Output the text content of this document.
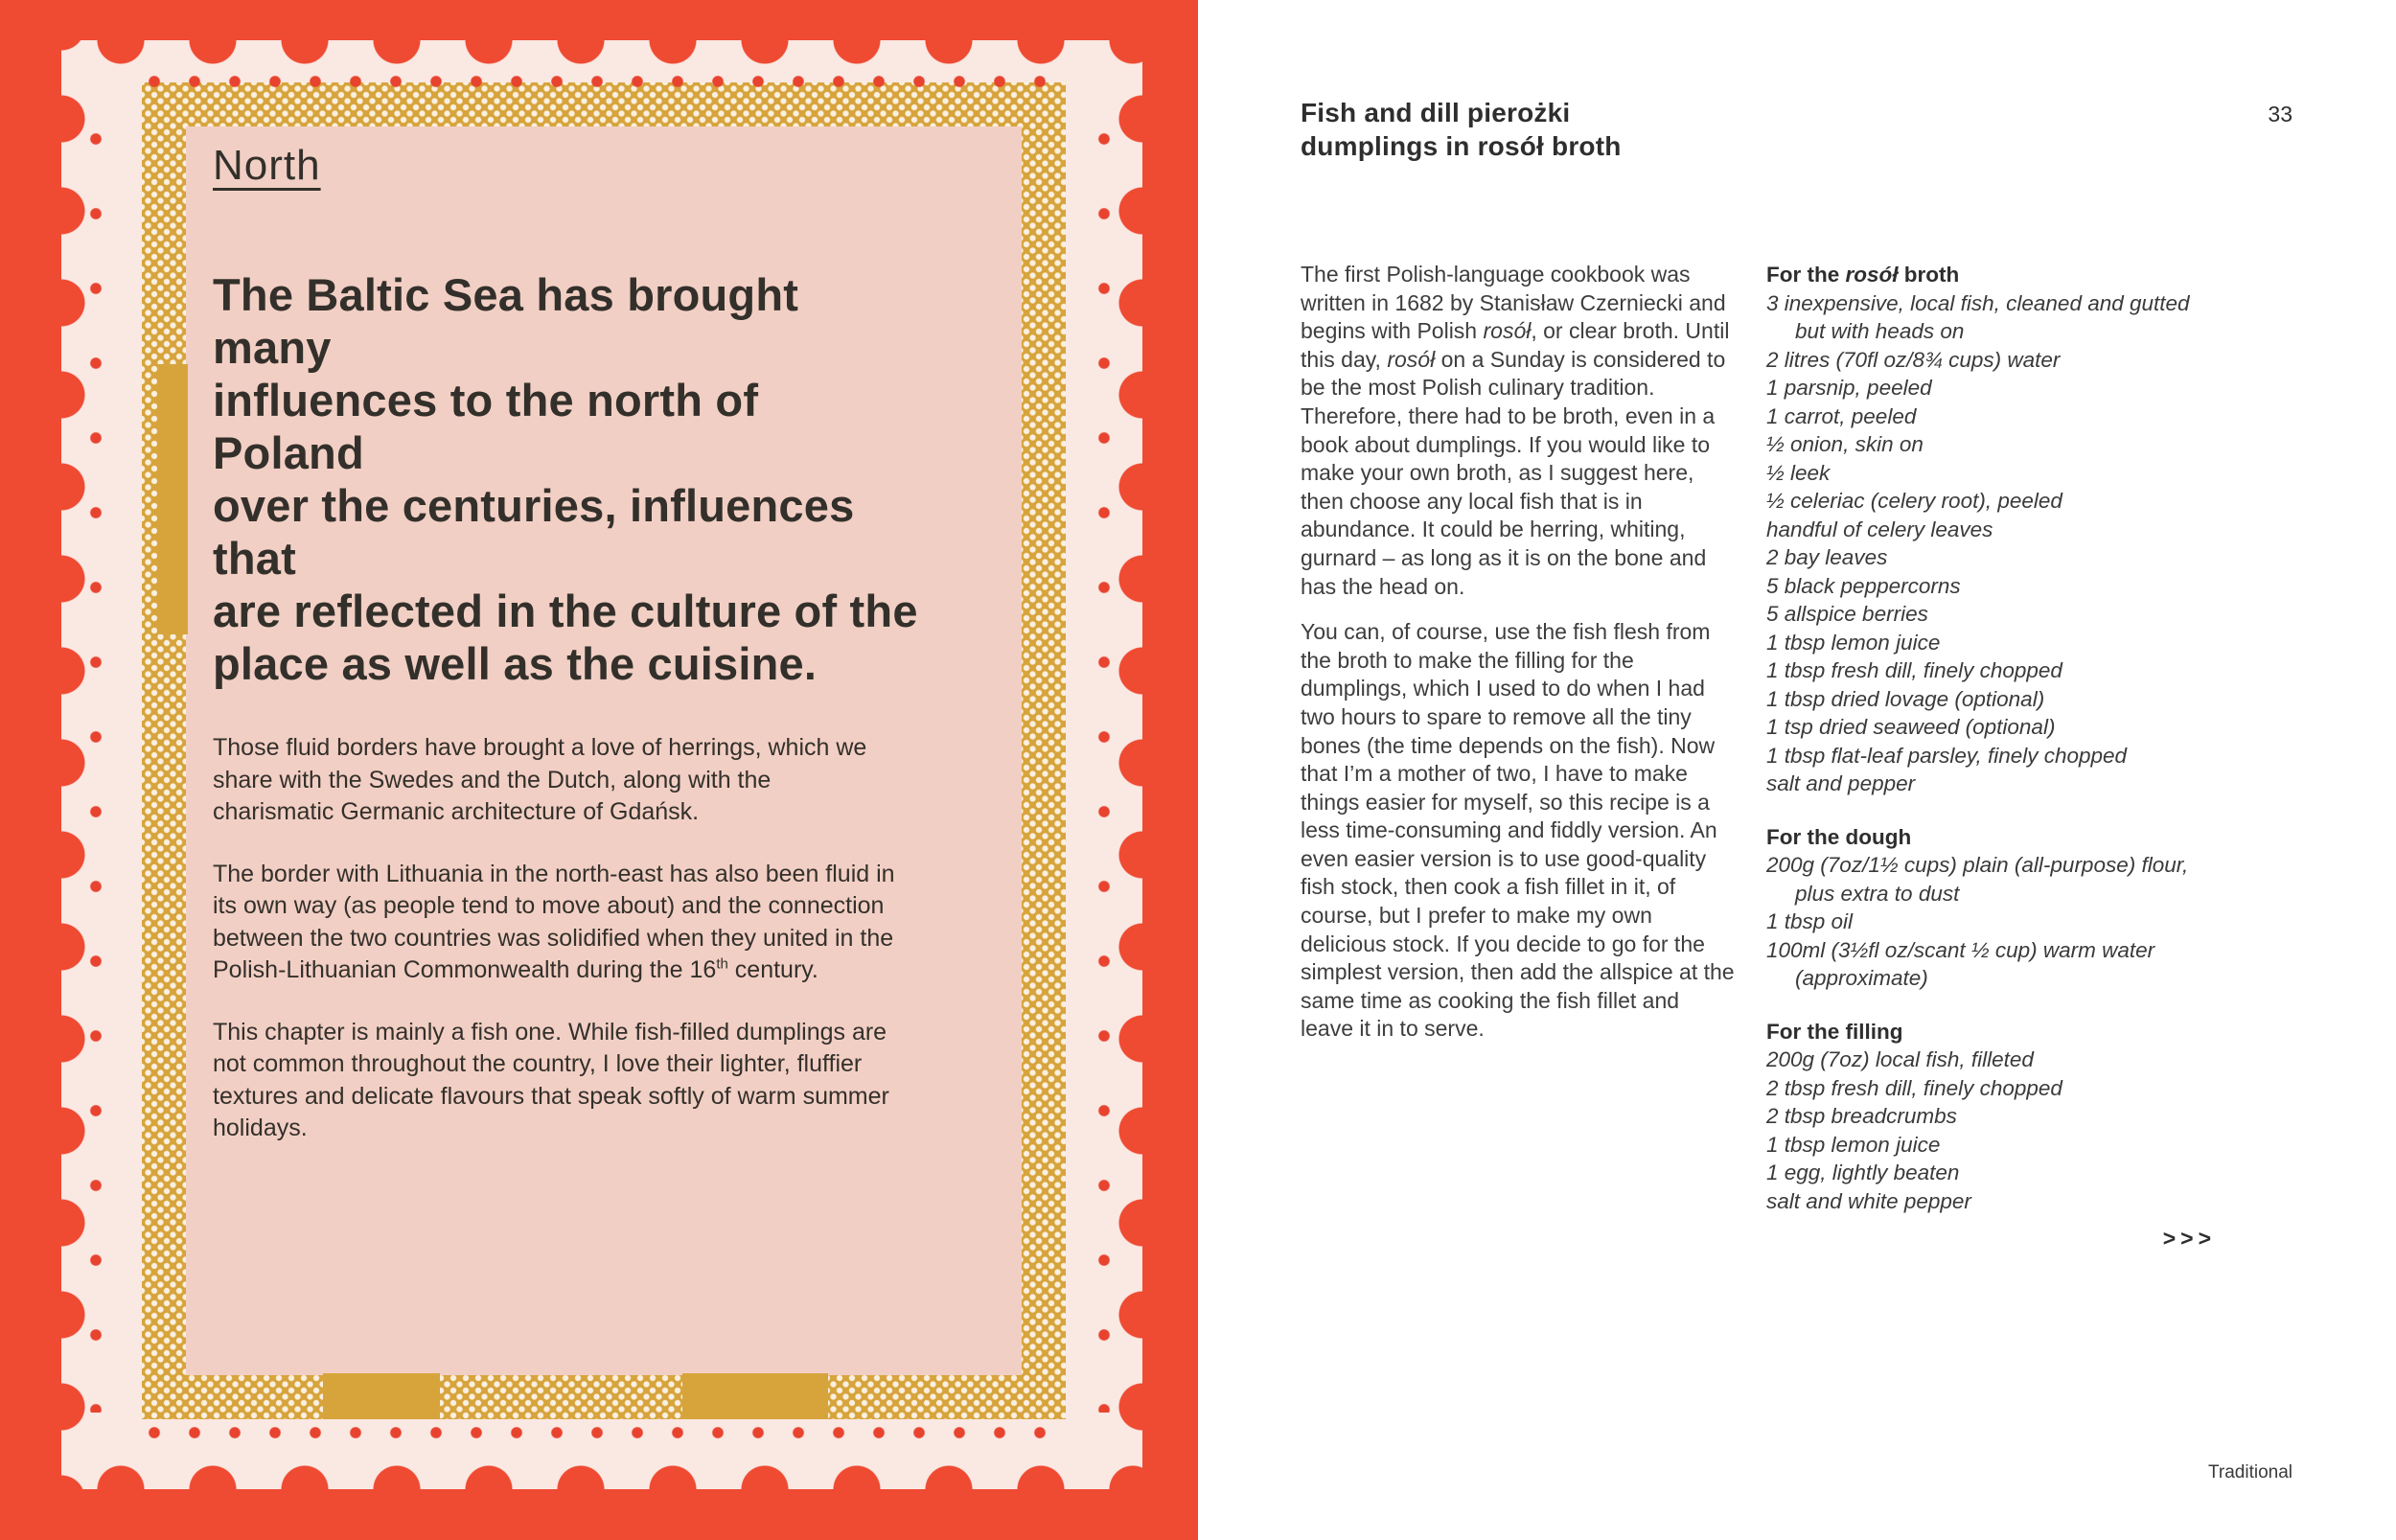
North
The Baltic Sea has brought many
influences to the north of Poland
over the centuries, influences that
are reflected in the culture of the
place as well as the cuisine.
Those fluid borders have brought a love of herrings, which we share with the Swedes and the Dutch, along with the charismatic Germanic architecture of Gdańsk.
The border with Lithuania in the north-east has also been fluid in its own way (as people tend to move about) and the connection between the two countries was solidified when they united in the Polish-Lithuanian Commonwealth during the 16th century.
This chapter is mainly a fish one. While fish-filled dumplings are not common throughout the country, I love their lighter, fluffier textures and delicate flavours that speak softly of warm summer holidays.
Fish and dill pierożki
dumplings in rosół broth
33
The first Polish-language cookbook was written in 1682 by Stanisław Czerniecki and begins with Polish rosół, or clear broth. Until this day, rosół on a Sunday is considered to be the most Polish culinary tradition. Therefore, there had to be broth, even in a book about dumplings. If you would like to make your own broth, as I suggest here, then choose any local fish that is in abundance. It could be herring, whiting, gurnard – as long as it is on the bone and has the head on.
You can, of course, use the fish flesh from the broth to make the filling for the dumplings, which I used to do when I had two hours to spare to remove all the tiny bones (the time depends on the fish). Now that I’m a mother of two, I have to make things easier for myself, so this recipe is a less time-consuming and fiddly version. An even easier version is to use good-quality fish stock, then cook a fish fillet in it, of course, but I prefer to make my own delicious stock. If you decide to go for the simplest version, then add the allspice at the same time as cooking the fish fillet and leave it in to serve.
For the rosół broth
3 inexpensive, local fish, cleaned and gutted
but with heads on
2 litres (70fl oz/8¾ cups) water
1 parsnip, peeled
1 carrot, peeled
½ onion, skin on
½ leek
½ celeriac (celery root), peeled
handful of celery leaves
2 bay leaves
5 black peppercorns
5 allspice berries
1 tbsp lemon juice
1 tbsp fresh dill, finely chopped
1 tbsp dried lovage (optional)
1 tsp dried seaweed (optional)
1 tbsp flat-leaf parsley, finely chopped
salt and pepper
For the dough
200g (7oz/1½ cups) plain (all-purpose) flour,
plus extra to dust
1 tbsp oil
100ml (3½fl oz/scant ½ cup) warm water
(approximate)
For the filling
200g (7oz) local fish, filleted
2 tbsp fresh dill, finely chopped
2 tbsp breadcrumbs
1 tbsp lemon juice
1 egg, lightly beaten
salt and white pepper
>>>
Traditional
